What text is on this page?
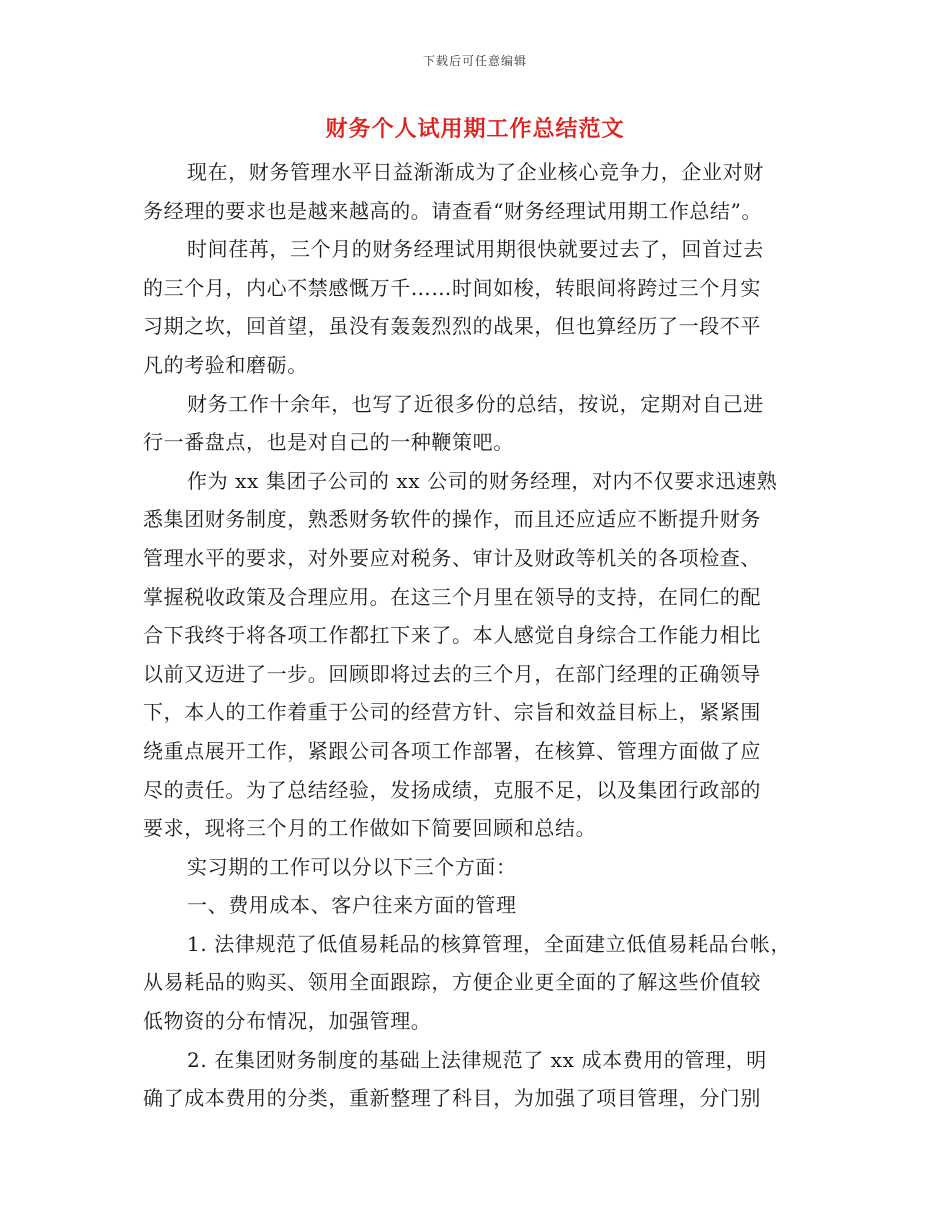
下载后可任意编辑
财务个人试用期工作总结范文
现在，财务管理水平日益渐渐成为了企业核心竞争力，企业对财
务经理的要求也是越来越高的。请查看“财务经理试用期工作总结”。
时间荏苒，三个月的财务经理试用期很快就要过去了，回首过去
的三个月，内心不禁感慨万千……时间如梭，转眼间将跨过三个月实
习期之坎，回首望，虽没有轰轰烈烈的战果，但也算经历了一段不平
凡的考验和磨砺。
财务工作十余年，也写了近很多份的总结，按说，定期对自己进
行一番盘点，也是对自己的一种鞭策吧。
作为 xx 集团子公司的 xx 公司的财务经理，对内不仅要求迅速熟
悉集团财务制度，熟悉财务软件的操作，而且还应适应不断提升财务
管理水平的要求，对外要应对税务、审计及财政等机关的各项检查、
掌握税收政策及合理应用。在这三个月里在领导的支持，在同仁的配
合下我终于将各项工作都扛下来了。本人感觉自身综合工作能力相比
以前又迈进了一步。回顾即将过去的三个月，在部门经理的正确领导
下，本人的工作着重于公司的经营方针、宗旨和效益目标上，紧紧围
绕重点展开工作，紧跟公司各项工作部署，在核算、管理方面做了应
尽的责任。为了总结经验，发扬成绩，克服不足，以及集团行政部的
要求，现将三个月的工作做如下简要回顾和总结。
实习期的工作可以分以下三个方面：
一、费用成本、客户往来方面的管理
1. 法律规范了低值易耗品的核算管理，全面建立低值易耗品台帐，
从易耗品的购买、领用全面跟踪，方便企业更全面的了解这些价值较
低物资的分布情况，加强管理。
2. 在集团财务制度的基础上法律规范了 xx 成本费用的管理，明
确了成本费用的分类，重新整理了科目，为加强了项目管理，分门别
